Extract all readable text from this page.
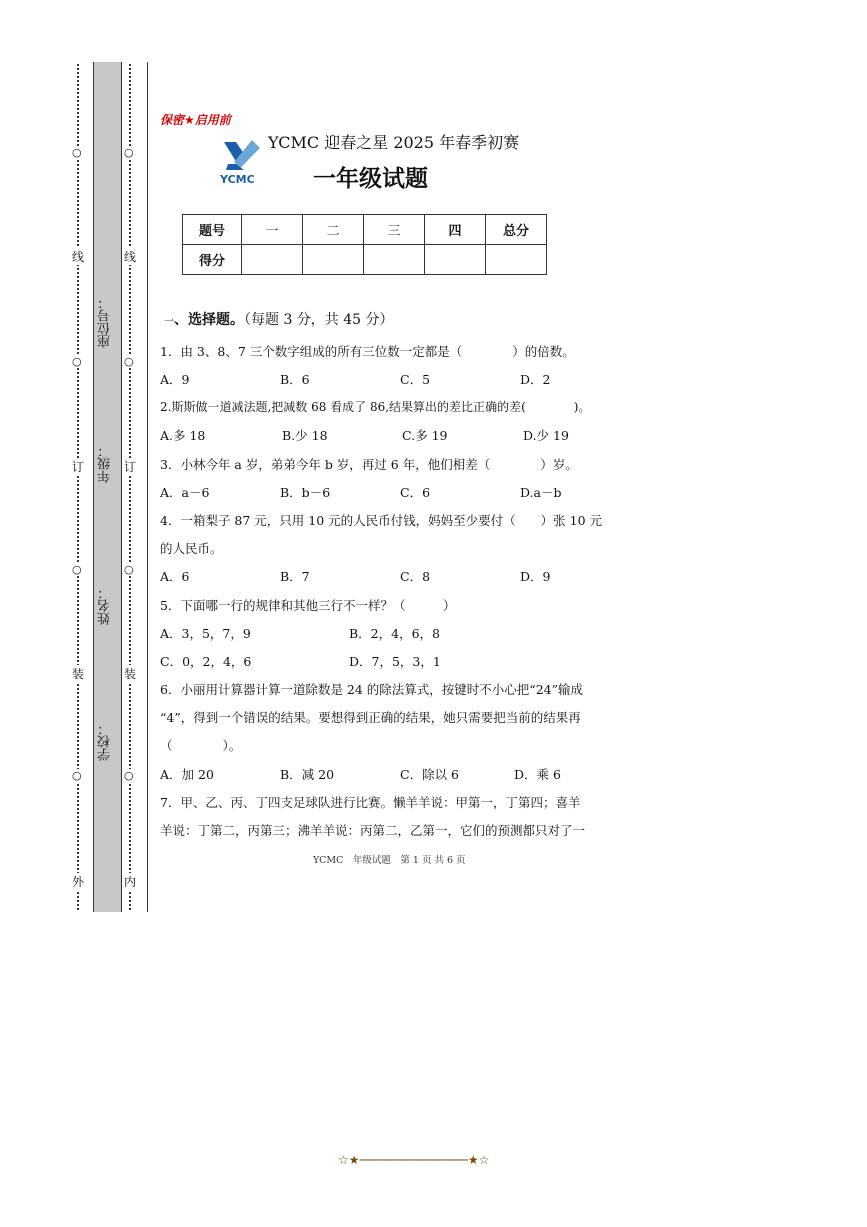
○
○
○
○
线
订
装
外
○
○
○
○
线
订
装
内
座位号：
年级：
姓名：
学校：
保密★启用前
YCMC
YCMC 迎春之星 2025 年春季初赛
一年级试题
题号	一	二	三	四	总分
得分					
一、选择题。（每题 3 分，共 45 分）
1．由 3、8、7 三个数字组成的所有三位数一定都是（　　　　）的倍数。
A．9	B．6	C．5	D．2
2.斯斯做一道减法题,把减数 68 看成了 86,结果算出的差比正确的差(　　　　)。
A.多 18	B.少 18	C.多 19	D.少 19
3．小林今年 a 岁，弟弟今年 b 岁，再过 6 年，他们相差（　　　　）岁。
A．a－6	B．b－6	C．6	D.a－b
4．一箱梨子 87 元，只用 10 元的人民币付钱，妈妈至少要付（　　）张 10 元
的人民币。
A．6	B．7	C．8	D．9
5．下面哪一行的规律和其他三行不一样？（　　　）
A．3，5，7，9	B．2，4，6，8
C．0，2，4，6	D．7，5，3，1
6．小丽用计算器计算一道除数是 24 的除法算式，按键时不小心把“24”输成
“4”，得到一个错误的结果。要想得到正确的结果，她只需要把当前的结果再
（　　　　）。
A．加 20	B．减 20	C．除以 6	D．乘 6
7．甲、乙、丙、丁四支足球队进行比赛。懒羊羊说：甲第一，丁第四；喜羊
羊说：丁第二，丙第三；沸羊羊说：丙第二，乙第一，它们的预测都只对了一
YCMC　年级试题　第 1 页 共 6 页
☆★───────────────★☆
